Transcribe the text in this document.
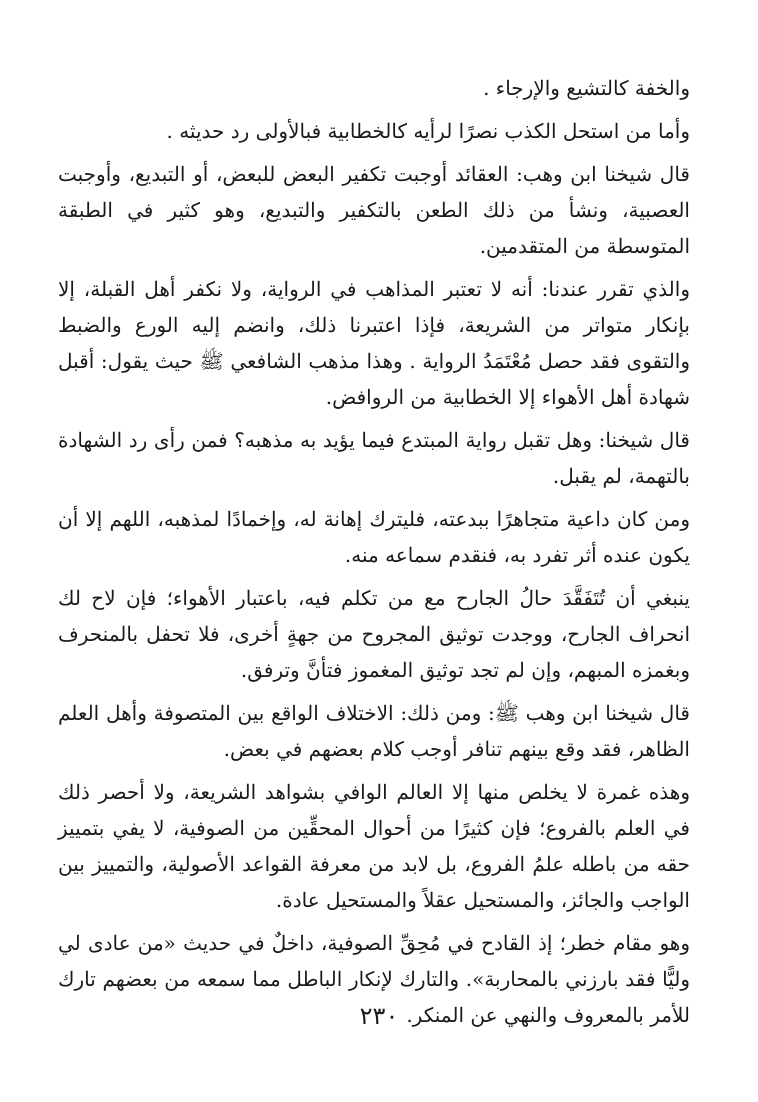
والخفة كالتشيع والإرجاء .

وأما من استحل الكذب نصرًا لرأيه كالخطابية فبالأولى رد حديثه .

قال شيخنا ابن وهب: العقائد أوجبت تكفير البعض للبعض، أو التبديع، وأوجبت العصبية، ونشأ من ذلك الطعن بالتكفير والتبديع، وهو كثير في الطبقة المتوسطة من المتقدمين.

والذي تقرر عندنا: أنه لا تعتبر المذاهب في الرواية، ولا نكفر أهل القبلة، إلا بإنكار متواتر من الشريعة، فإذا اعتبرنا ذلك، وانضم إليه الورع والضبط والتقوى فقد حصل مُعْتَمَدُ الرواية . وهذا مذهب الشافعي ﷺ حيث يقول: أقبل شهادة أهل الأهواء إلا الخطابية من الروافض.

قال شيخنا: وهل تقبل رواية المبتدع فيما يؤيد به مذهبه؟ فمن رأى رد الشهادة بالتهمة، لم يقبل.

ومن كان داعية متجاهرًا ببدعته، فليترك إهانة له، وإخمادًا لمذهبه، اللهم إلا أن يكون عنده أثر تفرد به، فنقدم سماعه منه.

ينبغي أن تُتَفَقَّدَ حالُ الجارح مع من تكلم فيه، باعتبار الأهواء؛ فإن لاح لك انحراف الجارح، ووجدت توثيق المجروح من جهةٍ أخرى، فلا تحفل بالمنحرف وبغمزه المبهم، وإن لم تجد توثيق المغموز فتأنَّ وترفق.

قال شيخنا ابن وهب ﷺ: ومن ذلك: الاختلاف الواقع بين المتصوفة وأهل العلم الظاهر، فقد وقع بينهم تنافر أوجب كلام بعضهم في بعض.

وهذه غمرة لا يخلص منها إلا العالم الوافي بشواهد الشريعة، ولا أحصر ذلك في العلم بالفروع؛ فإن كثيرًا من أحوال المحقِّين من الصوفية، لا يفي بتمييز حقه من باطله علمُ الفروع، بل لابد من معرفة القواعد الأصولية، والتمييز بين الواجب والجائز، والمستحيل عقلاً والمستحيل عادة.

وهو مقام خطر؛ إذ القادح في مُحِقِّ الصوفية، داخلٌ في حديث «من عادى لي وليًّا فقد بارزني بالمحاربة». والتارك لإنكار الباطل مما سمعه من بعضهم تارك للأمر بالمعروف والنهي عن المنكر.

٢٣٠
